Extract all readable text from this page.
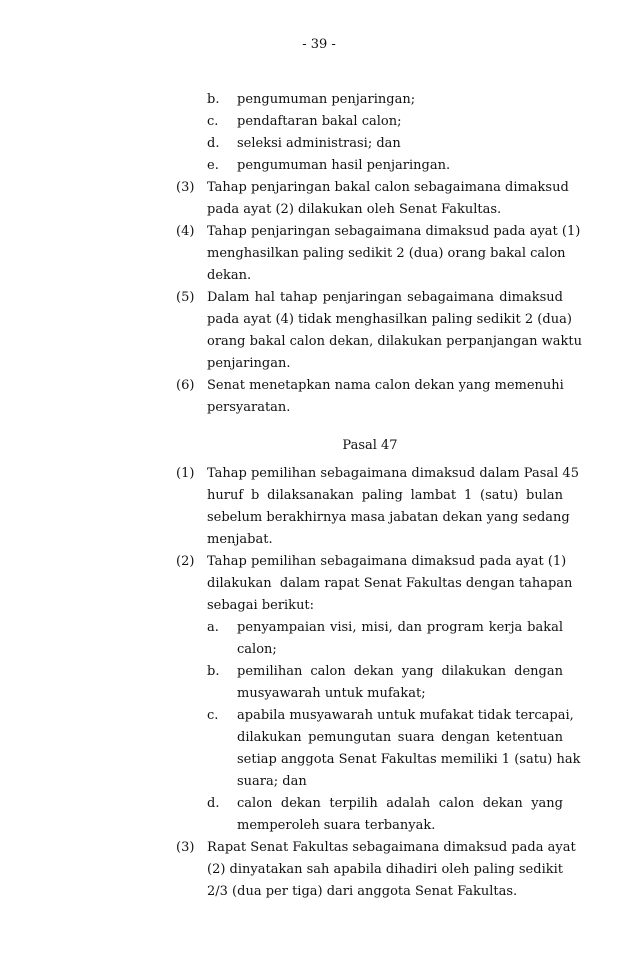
- 39 -
b. pengumuman penjaringan;
c. pendaftaran bakal calon;
d. seleksi administrasi; dan
e. pengumuman hasil penjaringan.
(3) Tahap penjaringan bakal calon sebagaimana dimaksud
pada ayat (2) dilakukan oleh Senat Fakultas.
(4) Tahap penjaringan sebagaimana dimaksud pada ayat (1)
menghasilkan paling sedikit 2 (dua) orang bakal calon
dekan.
(5) Dalam hal tahap penjaringan sebagaimana dimaksud
pada ayat (4) tidak menghasilkan paling sedikit 2 (dua)
orang bakal calon dekan, dilakukan perpanjangan waktu
penjaringan.
(6) Senat menetapkan nama calon dekan yang memenuhi
persyaratan.
Pasal 47
(1) Tahap pemilihan sebagaimana dimaksud dalam Pasal 45
huruf b dilaksanakan paling lambat 1 (satu) bulan
sebelum berakhirnya masa jabatan dekan yang sedang
menjabat.
(2) Tahap pemilihan sebagaimana dimaksud pada ayat (1)
dilakukan  dalam rapat Senat Fakultas dengan tahapan
sebagai berikut:
a. penyampaian visi, misi, dan program kerja bakal
calon;
b. pemilihan calon dekan yang dilakukan dengan
musyawarah untuk mufakat;
c. apabila musyawarah untuk mufakat tidak tercapai,
dilakukan pemungutan suara dengan ketentuan
setiap anggota Senat Fakultas memiliki 1 (satu) hak
suara; dan
d. calon dekan terpilih adalah calon dekan yang
memperoleh suara terbanyak.
(3) Rapat Senat Fakultas sebagaimana dimaksud pada ayat
(2) dinyatakan sah apabila dihadiri oleh paling sedikit
2/3 (dua per tiga) dari anggota Senat Fakultas.
